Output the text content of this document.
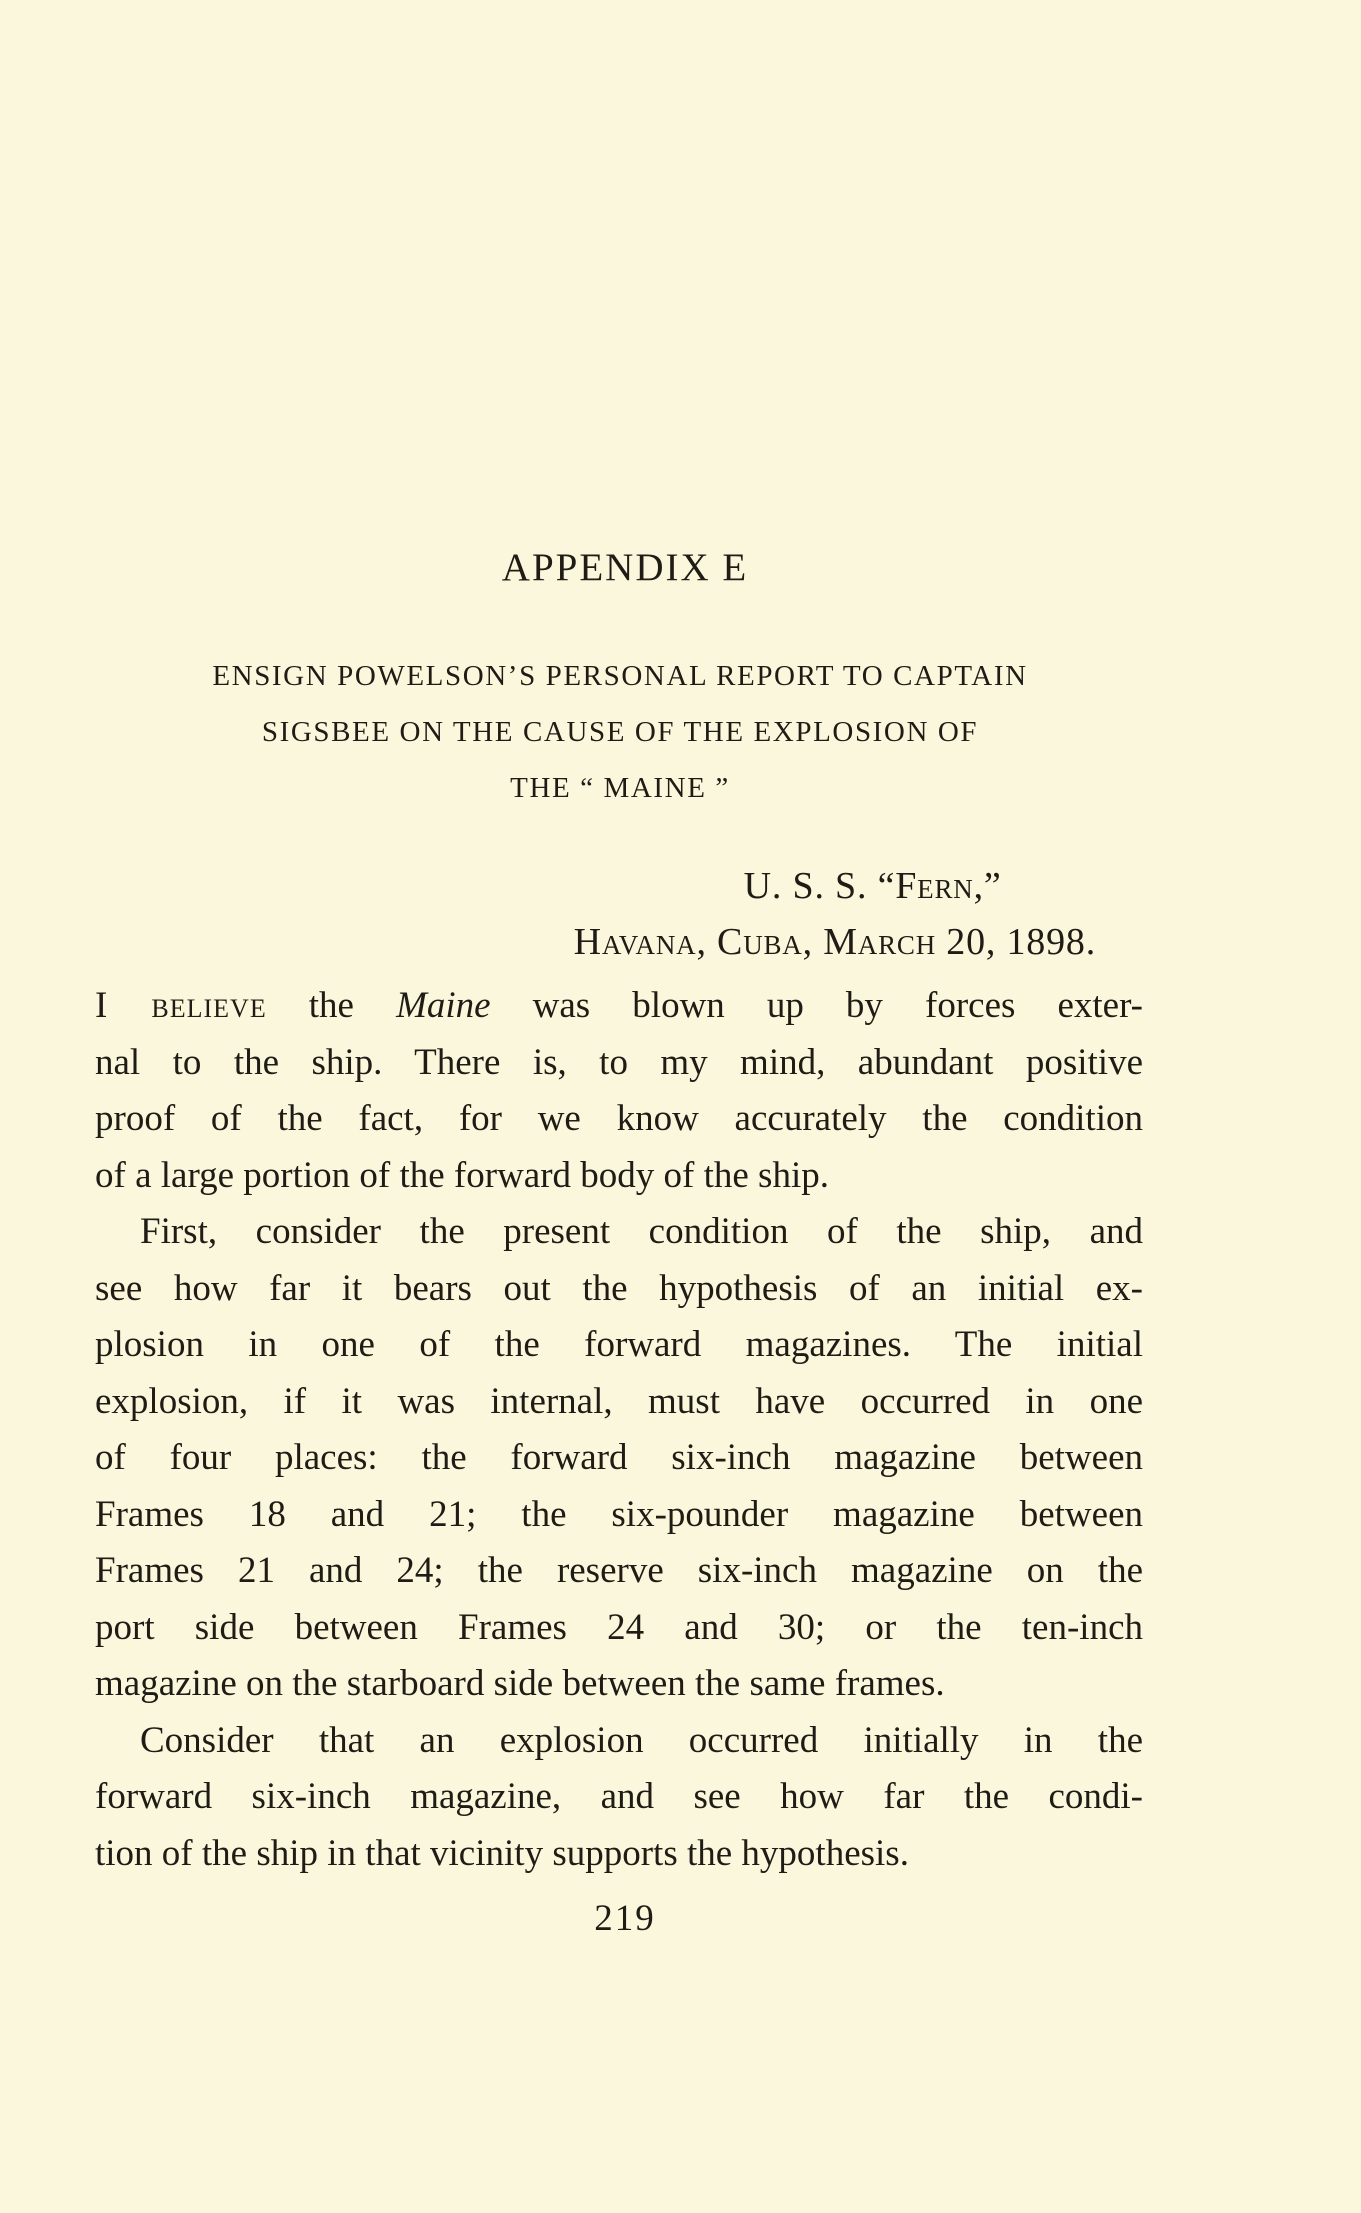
APPENDIX E
ENSIGN POWELSON’S PERSONAL REPORT TO CAPTAIN
SIGSBEE ON THE CAUSE OF THE EXPLOSION OF
THE “ MAINE ”
U. S. S. “Fern,”
Havana, Cuba, March 20, 1898.
I believe the Maine was blown up by forces exter-
nal to the ship. There is, to my mind, abundant positive
proof of the fact, for we know accurately the condition
of a large portion of the forward body of the ship.
First, consider the present condition of the ship, and
see how far it bears out the hypothesis of an initial ex-
plosion in one of the forward magazines. The initial
explosion, if it was internal, must have occurred in one
of four places: the forward six-inch magazine between
Frames 18 and 21; the six-pounder magazine between
Frames 21 and 24; the reserve six-inch magazine on the
port side between Frames 24 and 30; or the ten-inch
magazine on the starboard side between the same frames.
Consider that an explosion occurred initially in the
forward six-inch magazine, and see how far the condi-
tion of the ship in that vicinity supports the hypothesis.
219
